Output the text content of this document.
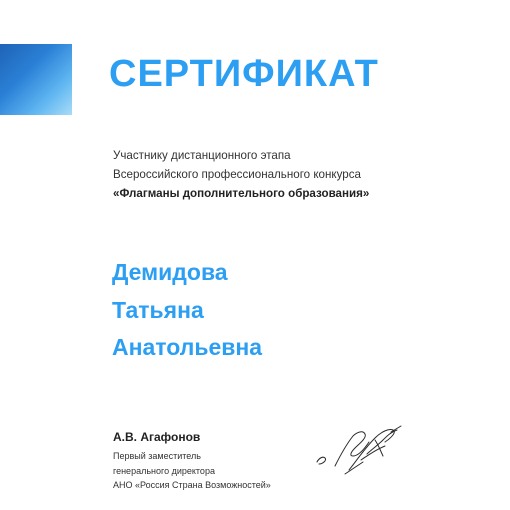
СЕРТИФИКАТ
Участнику дистанционного этапа
Всероссийского профессионального конкурса
«Флагманы дополнительного образования»
Демидова
Татьяна
Анатольевна
А.В. Агафонов
Первый заместитель
генерального директора
АНО «Россия Страна Возможностей»
